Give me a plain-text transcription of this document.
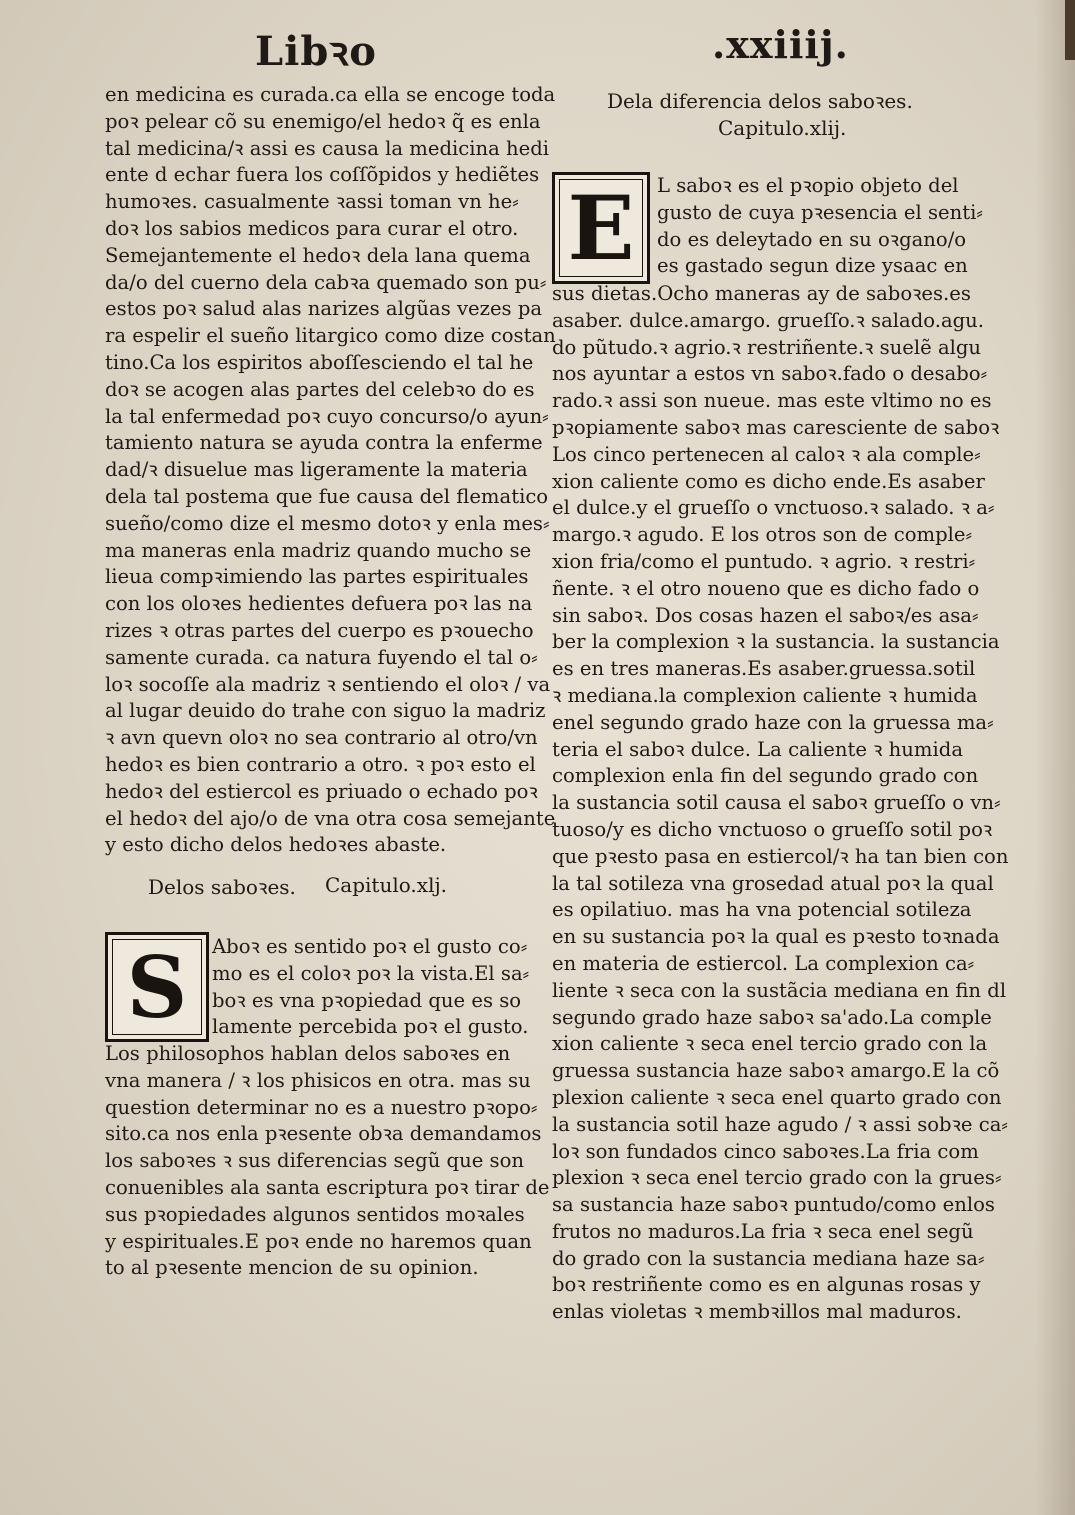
Libꝛo	.xxiiij.
en medicina es curada.ca ella se encoge toda
poꝛ pelear cõ su enemigo/el hedoꝛ q̃ es enla
tal medicina/ꝛ assi es causa la medicina hedi
ente d echar fuera los coſſõpidos y hediẽtes
humoꝛes. casualmente ꝛassi toman vn he⸗
doꝛ los sabios medicos para curar el otro.
Semejantemente el hedoꝛ dela lana quema
da/o del cuerno dela cabꝛa quemado son pu⸗
estos poꝛ salud alas narizes algũas vezes pa
ra espelir el sueño litargico como dize costan
tino.Ca los espiritos aboſſesciendo el tal he
doꝛ se acogen alas partes del celebꝛo do es
la tal enfermedad poꝛ cuyo concurso/o ayun⸗
tamiento natura se ayuda contra la enferme
dad/ꝛ disuelue mas ligeramente la materia
dela tal postema que fue causa del flematico
sueño/como dize el mesmo dotoꝛ y enla mes⸗
ma maneras enla madriz quando mucho se
lieua compꝛimiendo las partes espirituales
con los oloꝛes hedientes defuera poꝛ las na
rizes ꝛ otras partes del cuerpo es pꝛouecho
samente curada. ca natura fuyendo el tal o⸗
loꝛ socoſſe ala madriz ꝛ sentiendo el oloꝛ / va
al lugar deuido do trahe con siguo la madriz
ꝛ avn quevn oloꝛ no sea contrario al otro/vn
hedoꝛ es bien contrario a otro. ꝛ poꝛ esto el
hedoꝛ del estiercol es priuado o echado poꝛ
el hedoꝛ del ajo/o de vna otra cosa semejante
y esto dicho delos hedoꝛes abaste.
Delos saboꝛes. Capitulo.xlj.
S	Aboꝛ es sentido poꝛ el gusto co⸗
mo es el coloꝛ poꝛ la vista.El sa⸗
boꝛ es vna pꝛopiedad que es so
lamente percebida poꝛ el gusto.
Los philosophos hablan delos saboꝛes en
vna manera / ꝛ los phisicos en otra. mas su
question determinar no es a nuestro pꝛopo⸗
sito.ca nos enla pꝛesente obꝛa demandamos
los saboꝛes ꝛ sus diferencias segũ que son
conuenibles ala santa escriptura poꝛ tirar de
sus pꝛopiedades algunos sentidos moꝛales
y espirituales.E poꝛ ende no haremos quan
to al pꝛesente mencion de su opinion.
Dela diferencia delos saboꝛes.
Capitulo.xlij.
E	L saboꝛ es el pꝛopio objeto del
gusto de cuya pꝛesencia el senti⸗
do es deleytado en su oꝛgano/o
es gastado segun dize ysaac en
sus dietas.Ocho maneras ay de saboꝛes.es
asaber. dulce.amargo. grueſſo.ꝛ salado.agu.
do pũtudo.ꝛ agrio.ꝛ restriñente.ꝛ suelẽ algu
nos ayuntar a estos vn saboꝛ.fado o desabo⸗
rado.ꝛ assi son nueue. mas este vltimo no es
pꝛopiamente saboꝛ mas caresciente de saboꝛ
Los cinco pertenecen al caloꝛ ꝛ ala comple⸗
xion caliente como es dicho ende.Es asaber
el dulce.y el grueſſo o vnctuoso.ꝛ salado. ꝛ a⸗
margo.ꝛ agudo. E los otros son de comple⸗
xion fria/como el puntudo. ꝛ agrio. ꝛ restri⸗
ñente. ꝛ el otro noueno que es dicho fado o
sin saboꝛ. Dos cosas hazen el saboꝛ/es asa⸗
ber la complexion ꝛ la sustancia. la sustancia
es en tres maneras.Es asaber.gruessa.sotil
ꝛ mediana.la complexion caliente ꝛ humida
enel segundo grado haze con la gruessa ma⸗
teria el saboꝛ dulce. La caliente ꝛ humida
complexion enla fin del segundo grado con
la sustancia sotil causa el saboꝛ grueſſo o vn⸗
tuoso/y es dicho vnctuoso o grueſſo sotil poꝛ
que pꝛesto pasa en estiercol/ꝛ ha tan bien con
la tal sotileza vna grosedad atual poꝛ la qual
es opilatiuo. mas ha vna potencial sotileza
en su sustancia poꝛ la qual es pꝛesto toꝛnada
en materia de estiercol. La complexion ca⸗
liente ꝛ seca con la sustãcia mediana en fin dl
segundo grado haze saboꝛ sa'ado.La comple
xion caliente ꝛ seca enel tercio grado con la
gruessa sustancia haze saboꝛ amargo.E la cõ
plexion caliente ꝛ seca enel quarto grado con
la sustancia sotil haze agudo / ꝛ assi sobꝛe ca⸗
loꝛ son fundados cinco saboꝛes.La fria com
plexion ꝛ seca enel tercio grado con la grues⸗
sa sustancia haze saboꝛ puntudo/como enlos
frutos no maduros.La fria ꝛ seca enel segũ
do grado con la sustancia mediana haze sa⸗
boꝛ restriñente como es en algunas rosas y
enlas violetas ꝛ membꝛillos mal maduros.
